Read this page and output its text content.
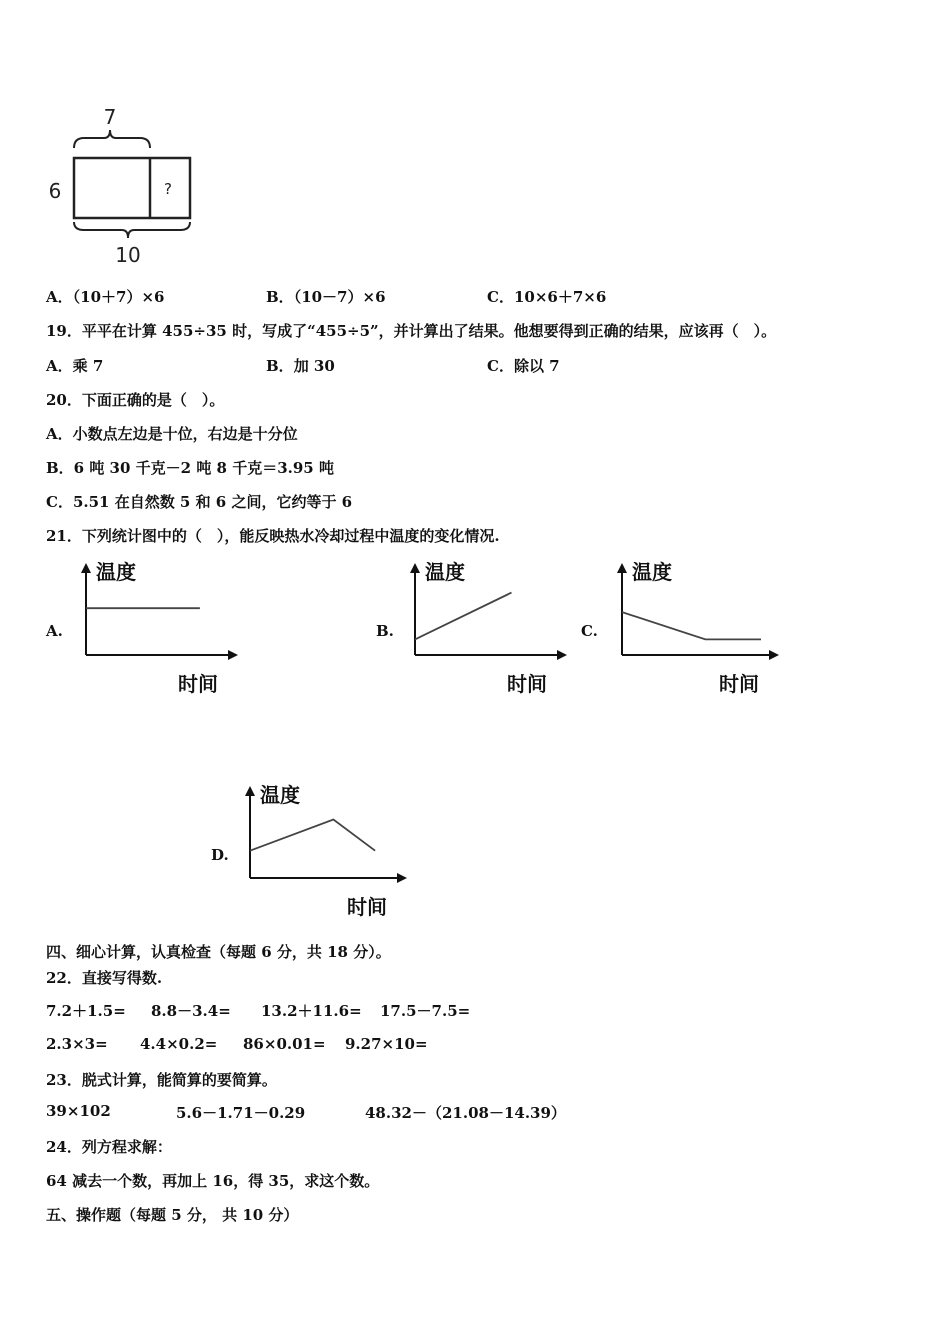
7
?
6
10
A．（10＋7）×6	B．（10－7）×6	C．10×6＋7×6
19．平平在计算 455÷35 时，写成了“455÷5”，并计算出了结果。他想要得到正确的结果，应该再（　）。
A．乘 7	B．加 30	C．除以 7
20．下面正确的是（　）。
A．小数点左边是十位，右边是十分位
B．6 吨 30 千克－2 吨 8 千克＝3.95 吨
C．5.51 在自然数 5 和 6 之间，它约等于 6
21．下列统计图中的（　），能反映热水冷却过程中温度的变化情况.
A.	B.	C.
D.
温度
时间
温度
时间
温度
时间
温度
时间
四、细心计算，认真检查（每题 6 分，共 18 分）。
22．直接写得数.
7.2＋1.5= 8.8－3.4= 13.2＋11.6= 17.5－7.5=
2.3×3= 4.4×0.2= 86×0.01= 9.27×10=
23．脱式计算，能简算的要简算。
39×102	5.6－1.71－0.29	48.32－（21.08－14.39）
24．列方程求解：
64 减去一个数，再加上 16，得 35，求这个数。
五、操作题（每题 5 分， 共 10 分）
